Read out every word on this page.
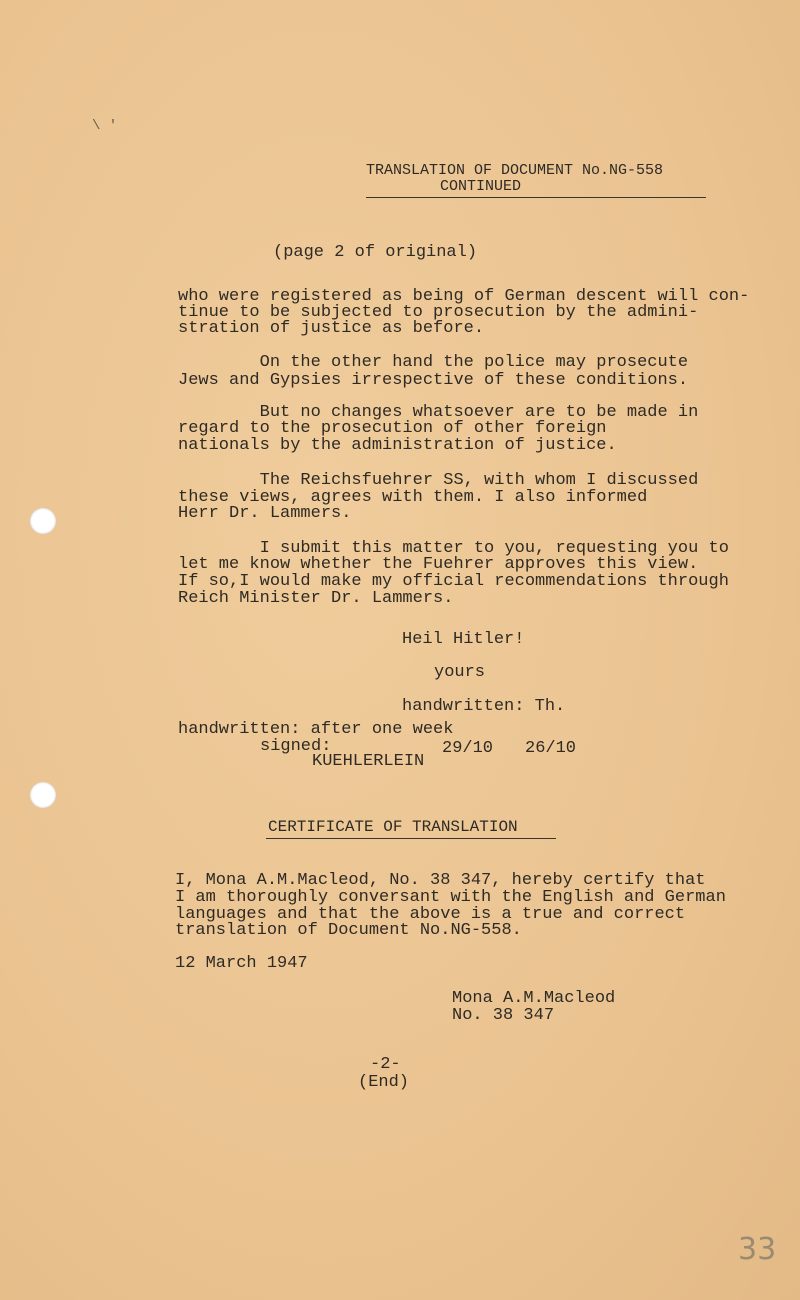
TRANSLATION OF DOCUMENT No.NG-558
CONTINUED
(page 2 of original)
who were registered as being of German descent will con-
tinue to be subjected to prosecution by the admini-
stration of justice as before.
On the other hand the police may prosecute
Jews and Gypsies irrespective of these conditions.
But no changes whatsoever are to be made in
regard to the prosecution of other foreign
nationals by the administration of justice.
The Reichsfuehrer SS, with whom I discussed
these views, agrees with them. I also informed
Herr Dr. Lammers.
I submit this matter to you, requesting you to
let me know whether the Fuehrer approves this view.
If so,I would make my official recommendations through
Reich Minister Dr. Lammers.
Heil Hitler!
yours
handwritten: Th.
handwritten: after one week
signed:	29/10 26/10
KUEHLERLEIN
CERTIFICATE OF TRANSLATION
I, Mona A.M.Macleod, No. 38 347, hereby certify that
I am thoroughly conversant with the English and German
languages and that the above is a true and correct
translation of Document No.NG-558.
12 March 1947
Mona A.M.Macleod
No. 38 347
-2-
(End)
33
\ '
